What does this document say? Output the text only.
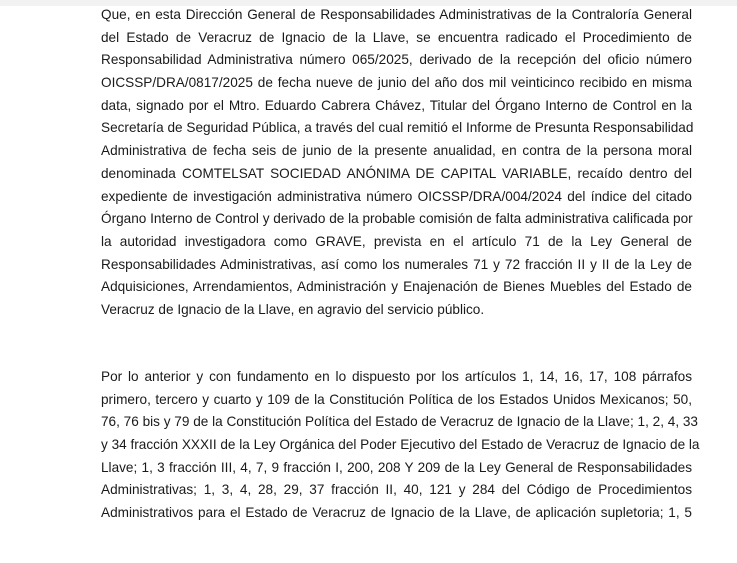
Que, en esta Dirección General de Responsabilidades Administrativas de la Contraloría General
del Estado de Veracruz de Ignacio de la Llave, se encuentra radicado el Procedimiento de
Responsabilidad Administrativa número 065/2025, derivado de la recepción del oficio número
OICSSP/DRA/0817/2025 de fecha nueve de junio del año dos mil veinticinco recibido en misma
data, signado por el Mtro. Eduardo Cabrera Chávez, Titular del Órgano Interno de Control en la
Secretaría de Seguridad Pública, a través del cual remitió el Informe de Presunta Responsabilidad
Administrativa de fecha seis de junio de la presente anualidad, en contra de la persona moral
denominada COMTELSAT SOCIEDAD ANÓNIMA DE CAPITAL VARIABLE, recaído dentro del
expediente de investigación administrativa número OICSSP/DRA/004/2024 del índice del citado
Órgano Interno de Control y derivado de la probable comisión de falta administrativa calificada por
la autoridad investigadora como GRAVE, prevista en el artículo 71 de la Ley General de
Responsabilidades Administrativas, así como los numerales 71 y 72 fracción II y II de la Ley de
Adquisiciones, Arrendamientos, Administración y Enajenación de Bienes Muebles del Estado de
Veracruz de Ignacio de la Llave, en agravio del servicio público.
Por lo anterior y con fundamento en lo dispuesto por los artículos 1, 14, 16, 17, 108 párrafos
primero, tercero y cuarto y 109 de la Constitución Política de los Estados Unidos Mexicanos; 50,
76, 76 bis y 79 de la Constitución Política del Estado de Veracruz de Ignacio de la Llave; 1, 2, 4, 33
y 34 fracción XXXII de la Ley Orgánica del Poder Ejecutivo del Estado de Veracruz de Ignacio de la
Llave; 1, 3 fracción III, 4, 7, 9 fracción I, 200, 208 Y 209 de la Ley General de Responsabilidades
Administrativas; 1, 3, 4, 28, 29, 37 fracción II, 40, 121 y 284 del Código de Procedimientos
Administrativos para el Estado de Veracruz de Ignacio de la Llave, de aplicación supletoria; 1, 5
